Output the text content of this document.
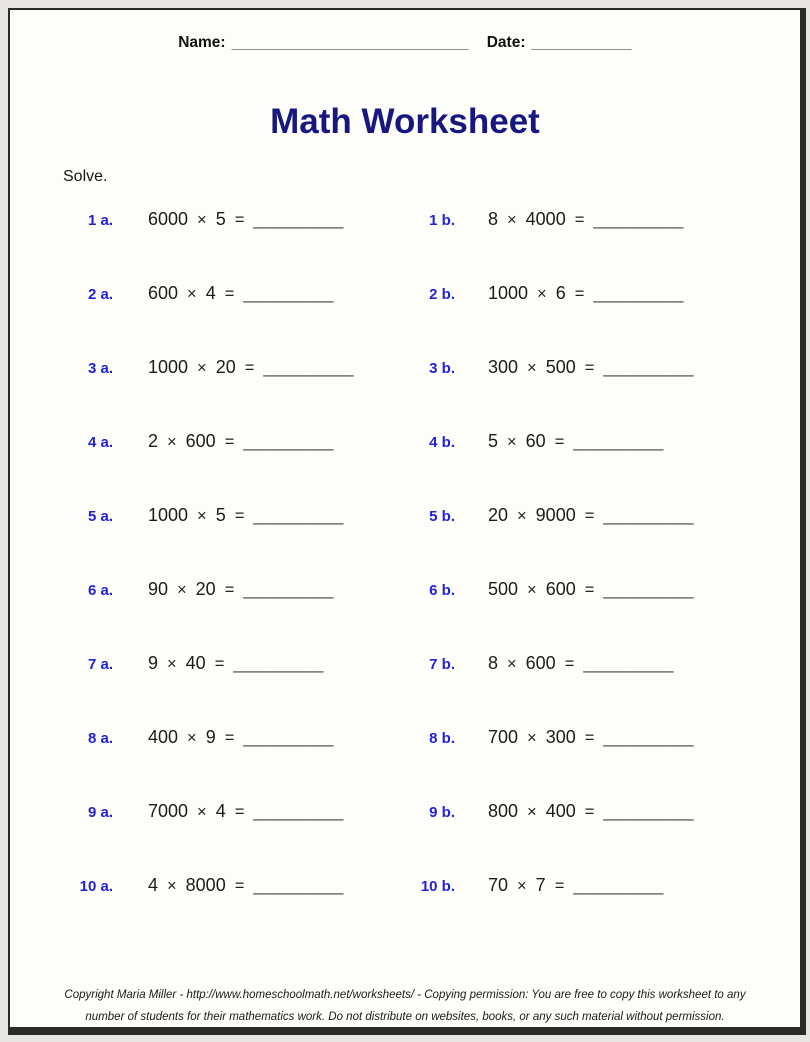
Name: __________________________ Date: ___________
Math Worksheet
Solve.
1 a. 6000 × 5 = _________	1 b. 8 × 4000 = _________
2 a. 600 × 4 = _________	2 b. 1000 × 6 = _________
3 a. 1000 × 20 = _________	3 b. 300 × 500 = _________
4 a. 2 × 600 = _________	4 b. 5 × 60 = _________
5 a. 1000 × 5 = _________	5 b. 20 × 9000 = _________
6 a. 90 × 20 = _________	6 b. 500 × 600 = _________
7 a. 9 × 40 = _________	7 b. 8 × 600 = _________
8 a. 400 × 9 = _________	8 b. 700 × 300 = _________
9 a. 7000 × 4 = _________	9 b. 800 × 400 = _________
10 a. 4 × 8000 = _________	10 b. 70 × 7 = _________
Copyright Maria Miller - http://www.homeschoolmath.net/worksheets/ - Copying permission: You are free to copy this worksheet to any
number of students for their mathematics work. Do not distribute on websites, books, or any such material without permission.
